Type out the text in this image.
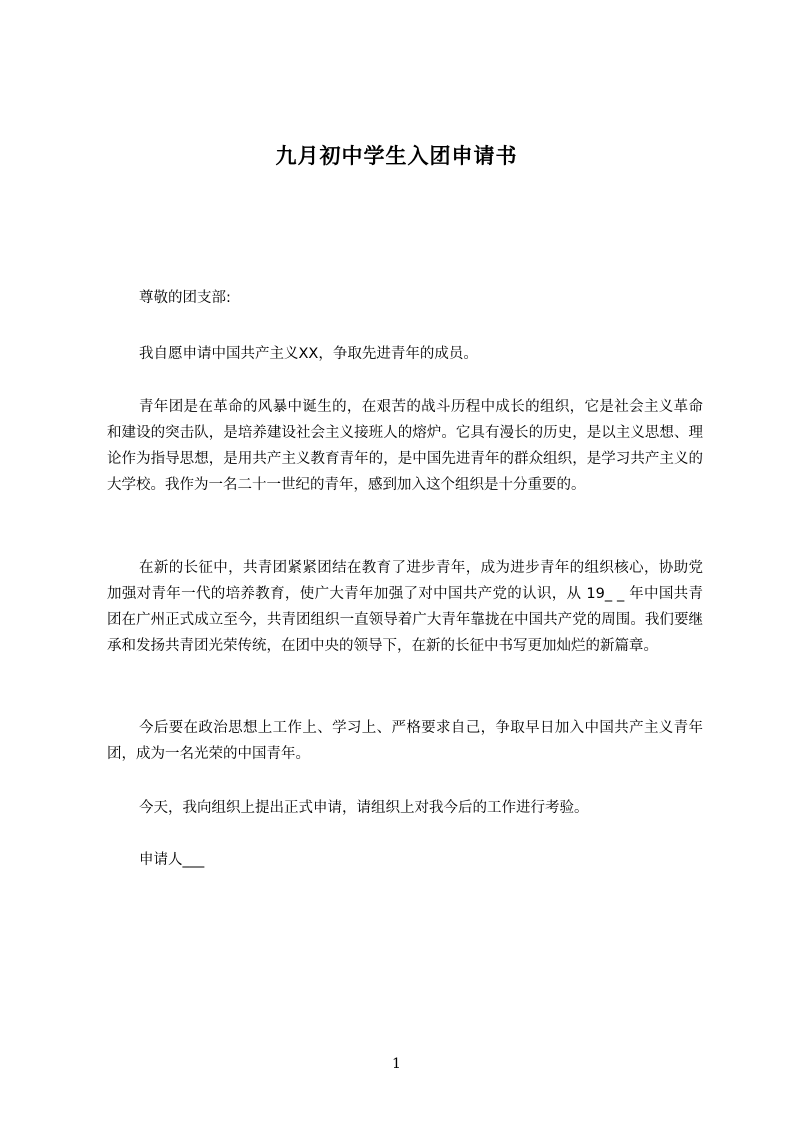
九月初中学生入团申请书
尊敬的团支部:
我自愿申请中国共产主义XX，争取先进青年的成员。
青年团是在革命的风暴中诞生的，在艰苦的战斗历程中成长的组织，它是社会主义革命和建设的突击队，是培养建设社会主义接班人的熔炉。它具有漫长的历史，是以主义思想、理论作为指导思想，是用共产主义教育青年的，是中国先进青年的群众组织，是学习共产主义的大学校。我作为一名二十一世纪的青年，感到加入这个组织是十分重要的。
在新的长征中，共青团紧紧团结在教育了进步青年，成为进步青年的组织核心，协助党加强对青年一代的培养教育，使广大青年加强了对中国共产党的认识，从 19_ _ 年中国共青团在广州正式成立至今，共青团组织一直领导着广大青年靠拢在中国共产党的周围。我们要继承和发扬共青团光荣传统，在团中央的领导下，在新的长征中书写更加灿烂的新篇章。
今后要在政治思想上工作上、学习上、严格要求自己，争取早日加入中国共产主义青年团，成为一名光荣的中国青年。
今天，我向组织上提出正式申请，请组织上对我今后的工作进行考验。
申请人___
1
